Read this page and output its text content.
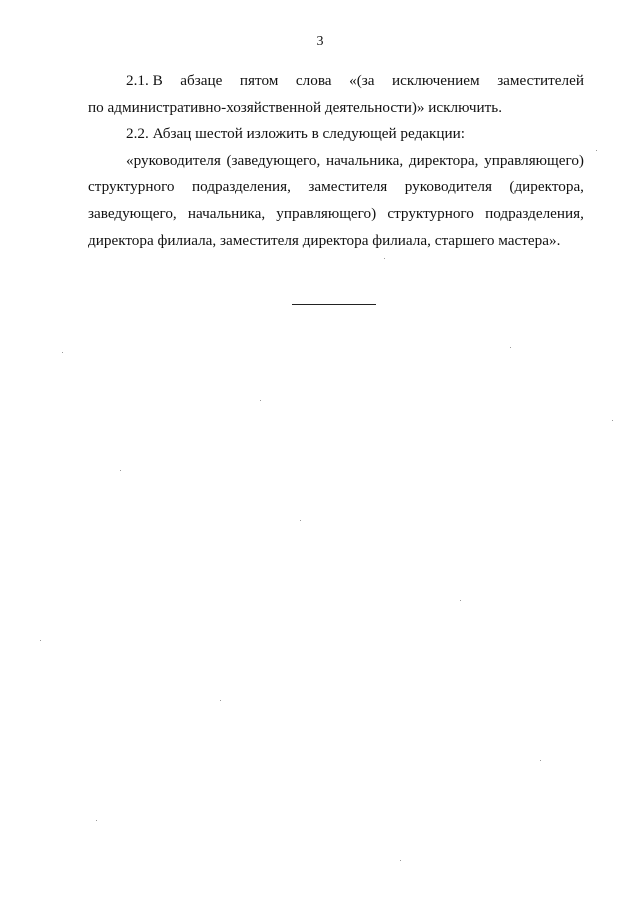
3

2.1. В абзаце пятом слова «(за исключением заместителей
по административно-хозяйственной деятельности)» исключить.

2.2. Абзац шестой изложить в следующей редакции:

«руководителя (заведующего, начальника, директора, управляющего)
структурного подразделения, заместителя руководителя (директора,
заведующего, начальника, управляющего) структурного подразделения,
директора филиала, заместителя директора филиала, старшего мастера».
